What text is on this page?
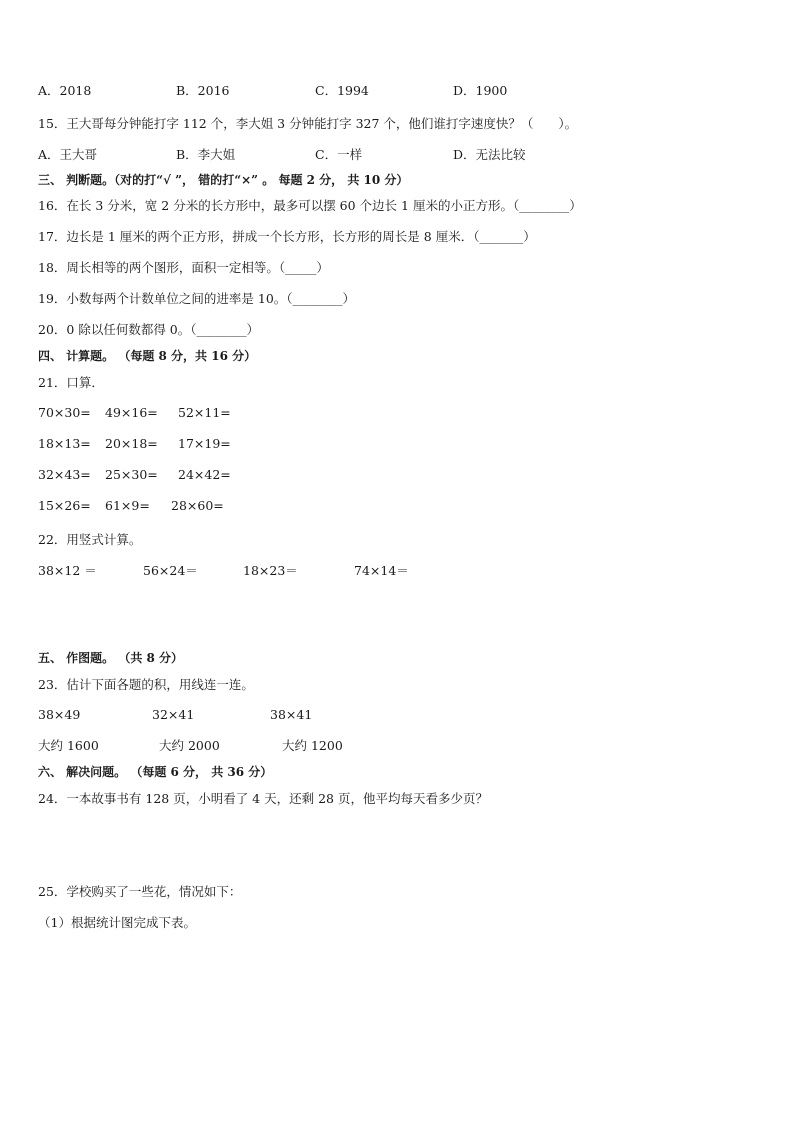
A．2018	B．2016	C．1994	D．1900
15．王大哥每分钟能打字 112 个，李大姐 3 分钟能打字 327 个，他们谁打字速度快？（　　）。
A．王大哥	B．李大姐	C．一样	D．无法比较
三、 判断题。（对的打“√ ”， 错的打“×” 。 每题 2 分， 共 10 分）
16．在长 3 分米，宽 2 分米的长方形中，最多可以摆 60 个边长 1 厘米的小正方形。（________）
17．边长是 1 厘米的两个正方形，拼成一个长方形，长方形的周长是 8 厘米．（_______）
18．周长相等的两个图形，面积一定相等。（_____）
19．小数每两个计数单位之间的进率是 10。（________）
20．0 除以任何数都得 0。（________）
四、 计算题。 （每题 8 分，共 16 分）
21．口算．
70×30= 49×16= 52×11=
18×13= 20×18= 17×19=
32×43= 25×30= 24×42=
15×26= 61×9= 28×60=
22．用竖式计算。
38×12 ＝	56×24＝	18×23＝	74×14＝
五、 作图题。 （共 8 分）
23．估计下面各题的积，用线连一连。
38×49	32×41	38×41
大约 1600	大约 2000	大约 1200
六、 解决问题。 （每题 6 分， 共 36 分）
24．一本故事书有 128 页，小明看了 4 天，还剩 28 页，他平均每天看多少页？
25．学校购买了一些花，情况如下：
（1）根据统计图完成下表。
